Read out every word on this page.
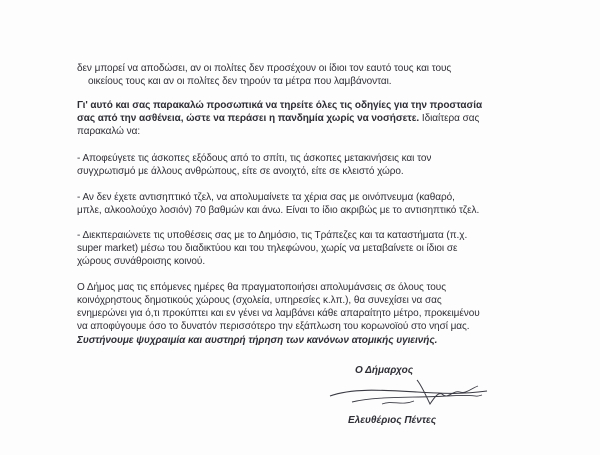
δεν μπορεί να αποδώσει, αν οι πολίτες δεν προσέχουν οι ίδιοι τον εαυτό τους και τους
οικείους τους και αν οι πολίτες δεν τηρούν τα μέτρα που λαμβάνονται.
Γι' αυτό και σας παρακαλώ προσωπικά να τηρείτε όλες τις οδηγίες για την προστασία
σας από την ασθένεια, ώστε να περάσει η πανδημία χωρίς να νοσήσετε. Ιδιαίτερα σας
παρακαλώ να:
- Αποφεύγετε τις άσκοπες εξόδους από το σπίτι, τις άσκοπες μετακινήσεις και τον
συγχρωτισμό με άλλους ανθρώπους, είτε σε ανοιχτό, είτε σε κλειστό χώρο.
- Αν δεν έχετε αντισηπτικό τζελ, να απολυμαίνετε τα χέρια σας με οινόπνευμα (καθαρό,
μπλε, αλκοολούχο λοσιόν) 70 βαθμών και άνω. Είναι το ίδιο ακριβώς με το αντισηπτικό τζελ.
- Διεκπεραιώνετε τις υποθέσεις σας με το Δημόσιο, τις Τράπεζες και τα καταστήματα (π.χ.
super market) μέσω του διαδικτύου και του τηλεφώνου, χωρίς να μεταβαίνετε οι ίδιοι σε
χώρους συνάθροισης κοινού.
Ο Δήμος μας τις επόμενες ημέρες θα πραγματοποιήσει απολυμάνσεις σε όλους τους
κοινόχρηστους δημοτικούς χώρους (σχολεία, υπηρεσίες κ.λπ.), θα συνεχίσει να σας
ενημερώνει για ό,τι προκύπτει και εν γένει να λαμβάνει κάθε απαραίτητο μέτρο, προκειμένου
να αποφύγουμε όσο το δυνατόν περισσότερο την εξάπλωση του κορωνοϊού στο νησί μας.
Συστήνουμε ψυχραιμία και αυστηρή τήρηση των κανόνων ατομικής υγιεινής.
Ο Δήμαρχος
Ελευθέριος Πέντες
